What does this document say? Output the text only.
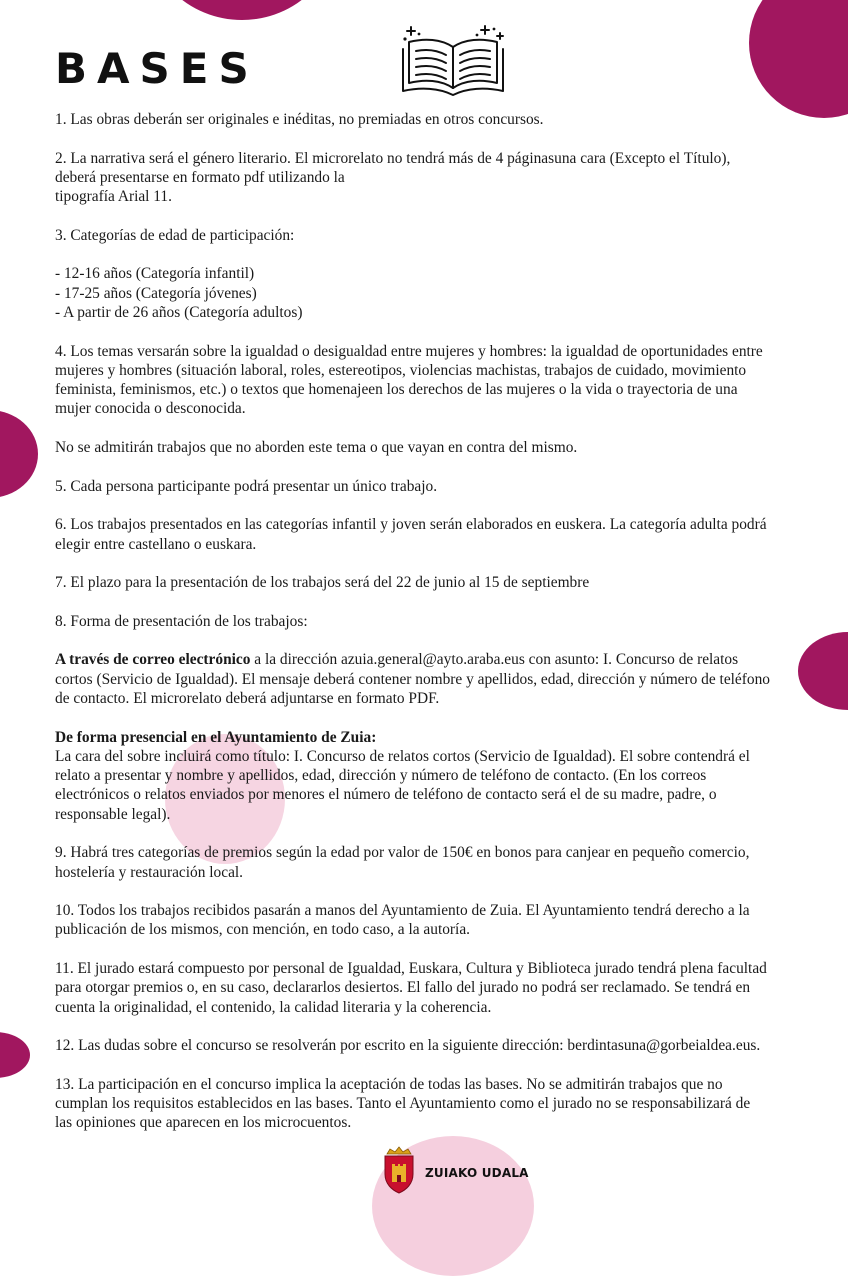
BASES

1. Las obras deberán ser originales e inéditas, no premiadas en otros concursos.

2. La narrativa será el género literario. El microrelato no tendrá más de 4 páginasuna cara (Excepto el Título), deberá presentarse en formato pdf utilizando la

tipografía Arial 11.

3. Categorías de edad de participación:

- 12-16 años (Categoría infantil)

- 17-25 años (Categoría jóvenes)

- A partir de 26 años (Categoría adultos)

4. Los temas versarán sobre la igualdad o desigualdad entre mujeres y hombres: la igualdad de oportunidades entre mujeres y hombres (situación laboral, roles, estereotipos, violencias machistas, trabajos de cuidado, movimiento feminista, feminismos, etc.) o textos que homenajeen los derechos de las mujeres o la vida o trayectoria de una mujer conocida o desconocida.

No se admitirán trabajos que no aborden este tema o que vayan en contra del mismo.

5. Cada persona participante podrá presentar un único trabajo.

6. Los trabajos presentados en las categorías infantil y joven serán elaborados en euskera. La categoría adulta podrá elegir entre castellano o euskara.

7. El plazo para la presentación de los trabajos será del 22 de junio al 15 de septiembre

8. Forma de presentación de los trabajos:

A través de correo electrónico a la dirección azuia.general@ayto.araba.eus con asunto: I. Concurso de relatos cortos (Servicio de Igualdad). El mensaje deberá contener nombre y apellidos, edad, dirección y número de teléfono de contacto. El microrelato deberá adjuntarse en formato PDF.

De forma presencial en el Ayuntamiento de Zuia:

La cara del sobre incluirá como título: I. Concurso de relatos cortos (Servicio de Igualdad). El sobre contendrá el relato a presentar y nombre y apellidos, edad, dirección y número de teléfono de contacto. (En los correos electrónicos o relatos enviados por menores el número de teléfono de contacto será el de su madre, padre, o responsable legal).

9. Habrá tres categorías de premios según la edad por valor de 150€ en bonos para canjear en pequeño comercio, hostelería y restauración local.

10. Todos los trabajos recibidos pasarán a manos del Ayuntamiento de Zuia. El Ayuntamiento tendrá derecho a la publicación de los mismos, con mención, en todo caso, a la autoría.

11. El jurado estará compuesto por personal de Igualdad, Euskara, Cultura y Biblioteca jurado tendrá plena facultad para otorgar premios o, en su caso, declararlos desiertos. El fallo del jurado no podrá ser reclamado. Se tendrá en cuenta la originalidad, el contenido, la calidad literaria y la coherencia.

12. Las dudas sobre el concurso se resolverán por escrito en la siguiente dirección: berdintasuna@gorbeialdea.eus.

13. La participación en el concurso implica la aceptación de todas las bases. No se admitirán trabajos que no cumplan los requisitos establecidos en las bases. Tanto el Ayuntamiento como el jurado no se responsabilizará de las opiniones que aparecen en los microcuentos.

ZUIAKO UDALA
